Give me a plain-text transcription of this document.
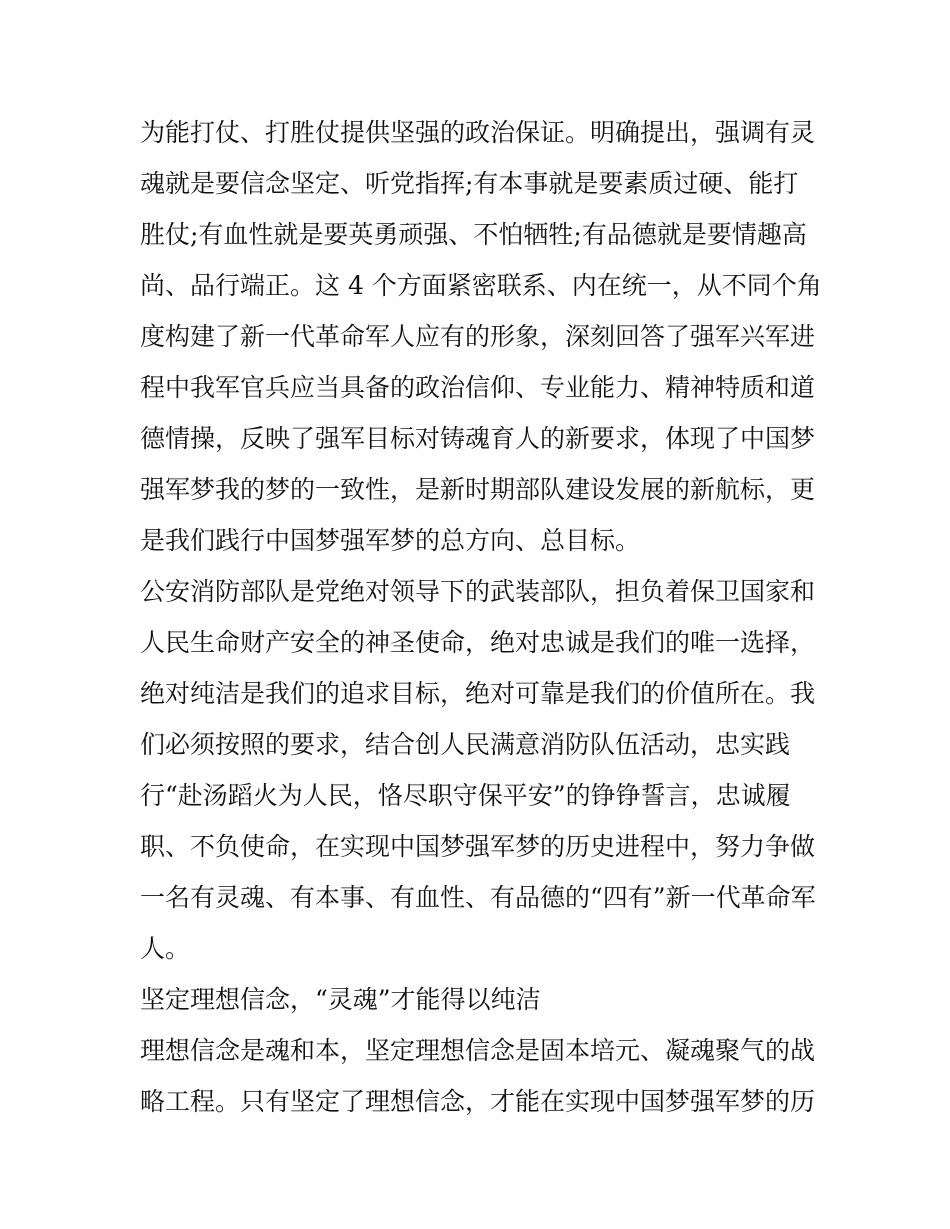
为能打仗、打胜仗提供坚强的政治保证。明确提出，强调有灵
魂就是要信念坚定、听党指挥;有本事就是要素质过硬、能打
胜仗;有血性就是要英勇顽强、不怕牺牲;有品德就是要情趣高
尚、品行端正。这 4 个方面紧密联系、内在统一，从不同个角
度构建了新一代革命军人应有的形象，深刻回答了强军兴军进
程中我军官兵应当具备的政治信仰、专业能力、精神特质和道
德情操，反映了强军目标对铸魂育人的新要求，体现了中国梦
强军梦我的梦的一致性，是新时期部队建设发展的新航标，更
是我们践行中国梦强军梦的总方向、总目标。
公安消防部队是党绝对领导下的武装部队，担负着保卫国家和
人民生命财产安全的神圣使命，绝对忠诚是我们的唯一选择，
绝对纯洁是我们的追求目标，绝对可靠是我们的价值所在。我
们必须按照的要求，结合创人民满意消防队伍活动，忠实践
行“赴汤蹈火为人民，恪尽职守保平安”的铮铮誓言，忠诚履
职、不负使命，在实现中国梦强军梦的历史进程中，努力争做
一名有灵魂、有本事、有血性、有品德的“四有”新一代革命军
人。
坚定理想信念，“灵魂”才能得以纯洁
理想信念是魂和本，坚定理想信念是固本培元、凝魂聚气的战
略工程。只有坚定了理想信念，才能在实现中国梦强军梦的历
